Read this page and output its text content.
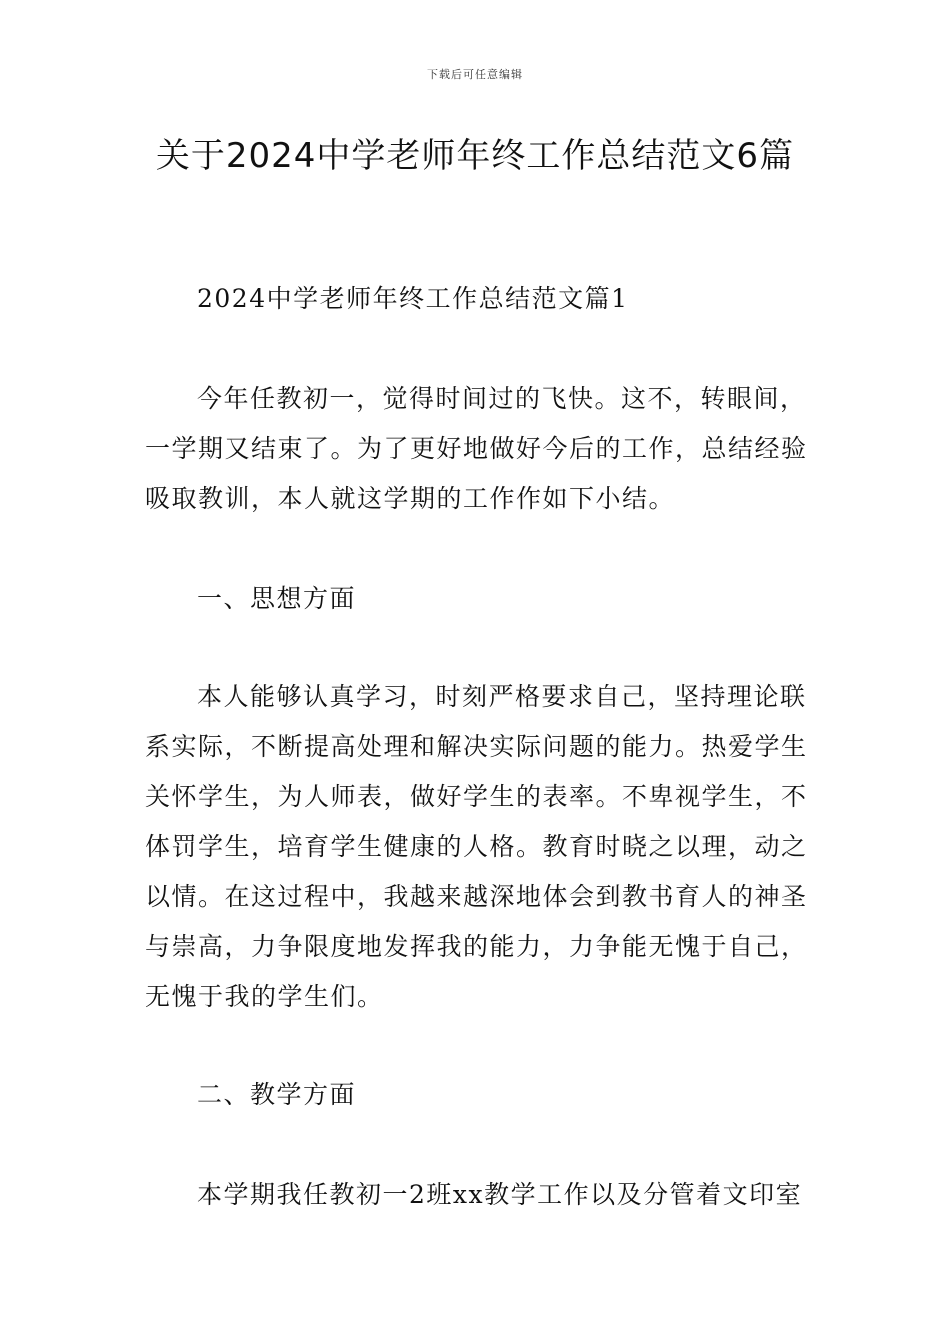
下载后可任意编辑
关于2024中学老师年终工作总结范文6篇

2024中学老师年终工作总结范文篇1

今年任教初一，觉得时间过的飞快。这不，转眼间，一学期又结束了。为了更好地做好今后的工作，总结经验吸取教训，本人就这学期的工作作如下小结。

一、思想方面

本人能够认真学习，时刻严格要求自己，坚持理论联系实际，不断提高处理和解决实际问题的能力。热爱学生关怀学生，为人师表，做好学生的表率。不卑视学生，不体罚学生，培育学生健康的人格。教育时晓之以理，动之以情。在这过程中，我越来越深地体会到教书育人的神圣与崇高，力争限度地发挥我的能力，力争能无愧于自己，无愧于我的学生们。

二、教学方面

本学期我任教初一2班xx教学工作以及分管着文印室
